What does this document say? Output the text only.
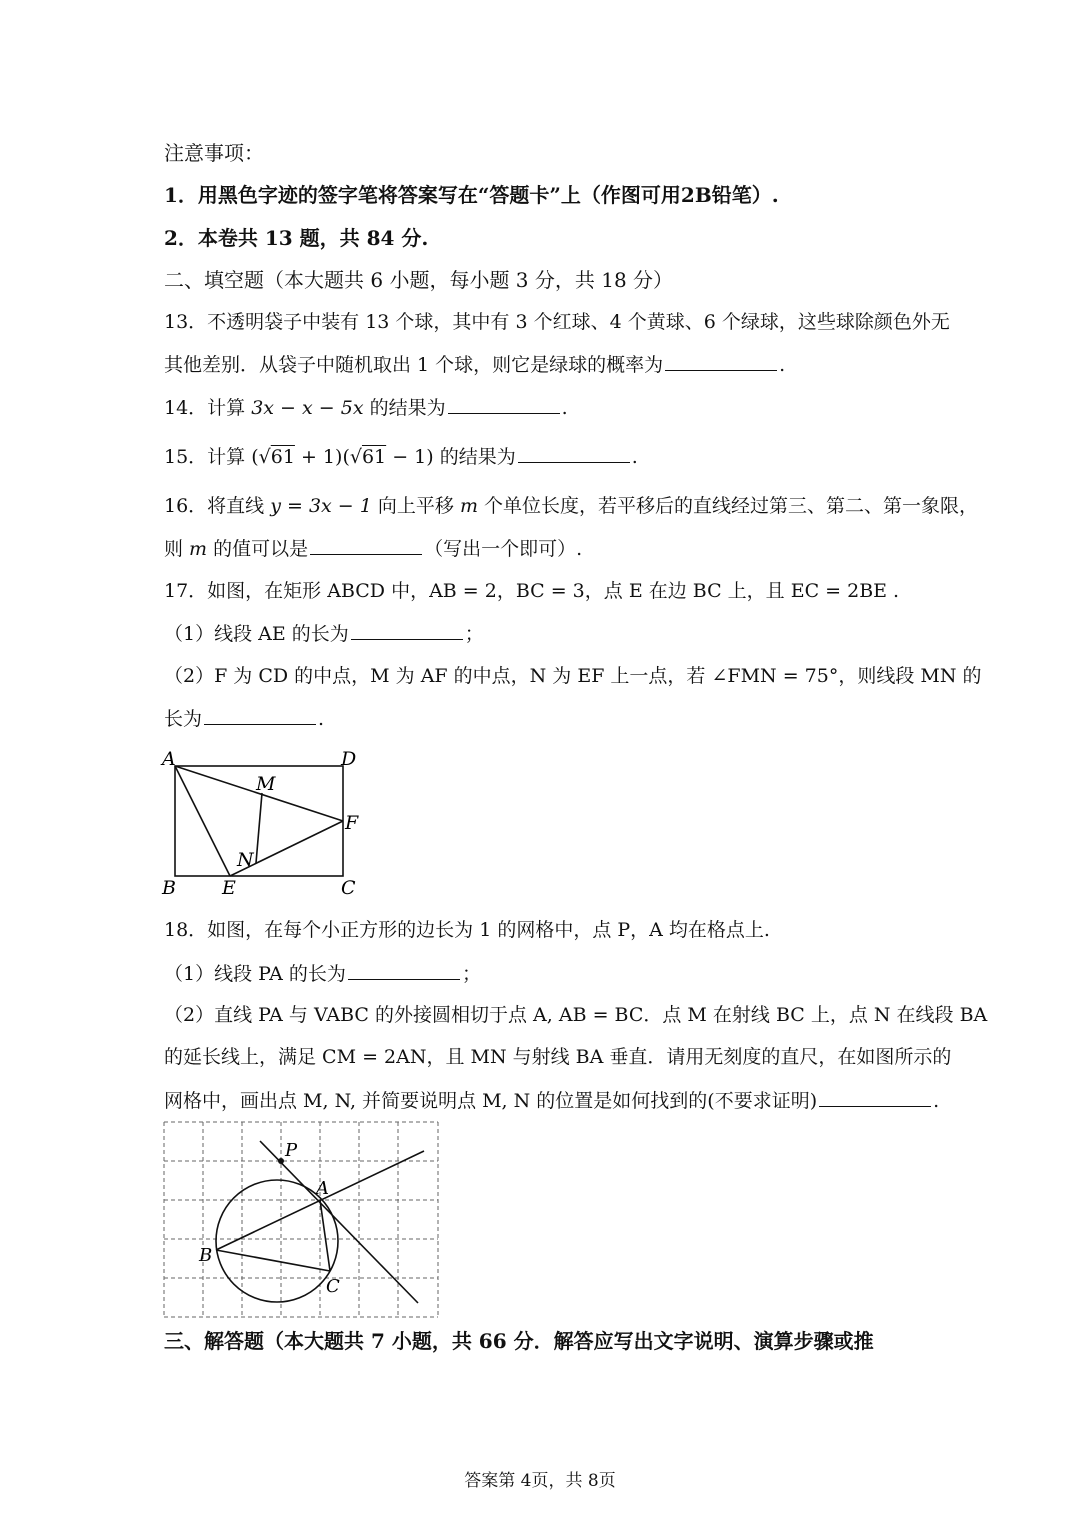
注意事项：
1．用黑色字迹的签字笔将答案写在“答题卡”上（作图可用2B铅笔）.
2．本卷共 13 题，共 84 分.
二、填空题（本大题共 6 小题，每小题 3 分，共 18 分）
13．不透明袋子中装有 13 个球，其中有 3 个红球、4 个黄球、6 个绿球，这些球除颜色外无
其他差别．从袋子中随机取出 1 个球，则它是绿球的概率为	.
14．计算 3x − x − 5x 的结果为	.
15．计算 (√61 + 1)(√61 − 1) 的结果为	.
16．将直线 y = 3x − 1 向上平移 m 个单位长度，若平移后的直线经过第三、第二、第一象限，
则 m 的值可以是	（写出一个即可）.
17．如图，在矩形 ABCD 中，AB = 2，BC = 3，点 E 在边 BC 上，且 EC = 2BE .
（1）线段 AE 的长为	；
（2）F 为 CD 的中点，M 为 AF 的中点，N 为 EF 上一点，若 ∠FMN = 75°，则线段 MN 的
长为	.
A	D
M
F
N
B E	C
18．如图，在每个小正方形的边长为 1 的网格中，点 P，A 均在格点上.
（1）线段 PA 的长为	；
（2）直线 PA 与 VABC 的外接圆相切于点 A, AB = BC．点 M 在射线 BC 上，点 N 在线段 BA
的延长线上，满足 CM = 2AN，且 MN 与射线 BA 垂直．请用无刻度的直尺，在如图所示的
网格中，画出点 M, N, 并简要说明点 M, N 的位置是如何找到的(不要求证明)	.
P
A
B
C
三、解答题（本大题共 7 小题，共 66 分．解答应写出文字说明、演算步骤或推
答案第 4页，共 8页
